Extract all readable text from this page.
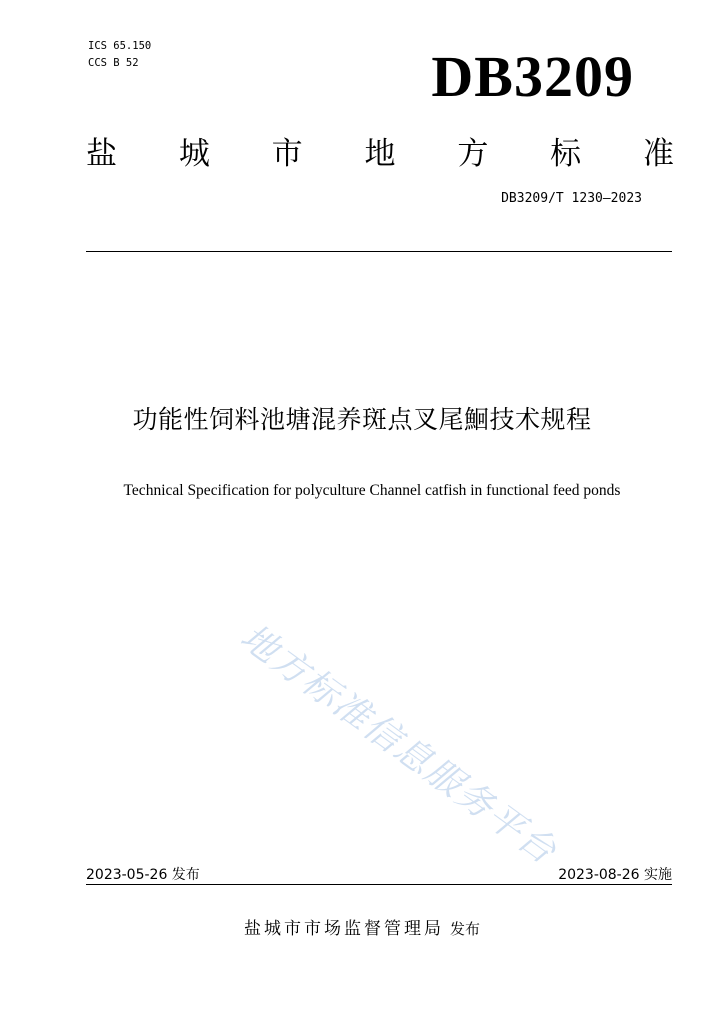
ICS 65.150
CCS B 52	DB3209
盐 城 市 地 方 标 准
DB3209/T 1230—2023
功能性饲料池塘混养斑点叉尾鮰技术规程
Technical Specification for polyculture Channel catfish in functional feed ponds
地方标准信息服务平台
2023-05-26 发布	2023-08-26 实施
盐城市市场监督管理局 发布
